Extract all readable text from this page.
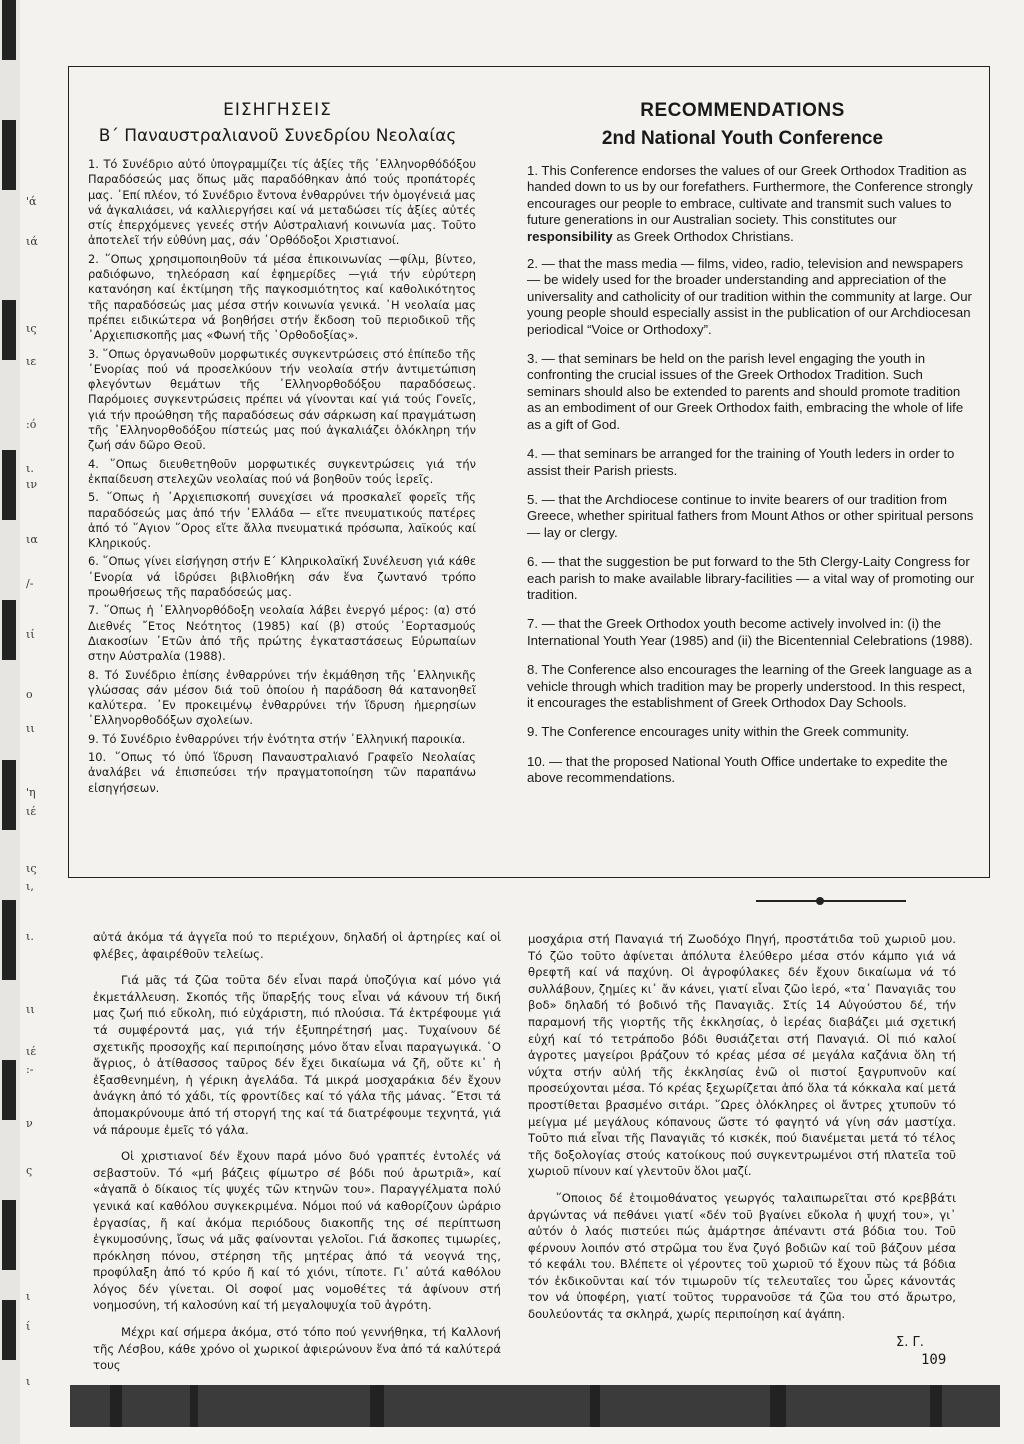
'ά
ιά
ις
ιε
:ό
ι.
ιν
ια
/-
ιί
ο
ιι
'η
ιέ
ις
ι,
ι.
ιι
ιέ
:-
ν
ς
ι
ί
ι
ΕΙΣΗΓΗΣΕΙΣ
Β΄ Παναυστραλιανοῦ Συνεδρίου Νεολαίας
RECOMMENDATIONS
2nd National Youth Conference

1. Τό Συνέδριο αὐτό ὑπογραμμίζει τίς ἀξίες τῆς ᾿Ελληνορθόδόξου Παραδόσεώς μας ὅπως μᾶς παραδόθηκαν ἀπό τούς προπάτορές μας. ᾿Επί πλέον, τό Συνέδριο ἔντονα ἐνθαρρύνει τήν ὁμογένειά μας νά ἀγκαλιάσει, νά καλλιεργήσει καί νά μεταδώσει τίς ἀξίες αὐτές στίς ἐπερχόμενες γενεές στήν Αὐστραλιανή κοινωνία μας. Τοῦτο ἀποτελεῖ τήν εὐθύνη μας, σάν ᾿Ορθόδοξοι Χριστιανοί.

2. ῞Οπως χρησιμοποιηθοῦν τά μέσα ἐπικοινωνίας —φίλμ, βίντεο, ραδιόφωνο, τηλεόραση καί ἐφημερίδες —γιά τήν εὐρύτερη κατανόηση καί ἐκτίμηση τῆς παγκοσμιότητος καί καθολικότητος τῆς παραδόσεώς μας μέσα στήν κοινωνία γενικά. ῾Η νεολαία μας πρέπει ειδικώτερα νά βοηθήσει στήν ἔκδοση τοῦ περιοδικοῦ τῆς ᾿Αρχιεπισκοπῆς μας «Φωνή τῆς ᾿Ορθοδοξίας».

3. ῞Οπως ὀργανωθοῦν μορφωτικές συγκεντρώσεις στό ἐπίπεδο τῆς ᾿Ενορίας πού νά προσελκύουν τήν νεολαία στήν ἀντιμετώπιση φλεγόντων θεμάτων τῆς ᾿Ελληνορθοδόξου παραδόσεως. Παρόμοιες συγκεντρώσεις πρέπει νά γίνονται καί γιά τούς Γονεῖς, γιά τήν προώθηση τῆς παραδόσεως σάν σάρκωση καί πραγμάτωση τῆς ᾿Ελληνορθοδόξου πίστεώς μας πού ἀγκαλιάζει ὁλόκληρη τήν ζωή σάν δῶρο Θεοῦ.

4. ῞Οπως διευθετηθοῦν μορφωτικές συγκεντρώσεις γιά τήν ἐκπαίδευση στελεχῶν νεολαίας πού νά βοηθοῦν τούς ἱερεῖς.

5. ῞Οπως ἡ ᾿Αρχιεπισκοπή συνεχίσει νά προσκαλεῖ φορεῖς τῆς παραδόσεώς μας ἀπό τήν ᾿Ελλάδα — εἴτε πνευματικούς πατέρες ἀπό τό ῞Αγιον ῞Ορος εἴτε ἄλλα πνευματικά πρόσωπα, λαϊκούς καί Κληρικούς.

6. ῞Οπως γίνει εἰσήγηση στήν Ε΄ Κληρικολαϊκή Συνέλευση γιά κάθε ᾿Ενορία νά ἱδρύσει βιβλιοθήκη σάν ἕνα ζωντανό τρόπο προωθήσεως τῆς παραδόσεώς μας.

7. ῞Οπως ἡ ᾿Ελληνορθόδοξη νεολαία λάβει ἐνεργό μέρος: (α) στό Διεθνές ῎Ετος Νεότητος (1985) καί (β) στούς ᾿Εορτασμούς Διακοσίων ᾿Ετῶν ἀπό τῆς πρώτης ἐγκαταστάσεως Εὐρωπαίων στην Αὐστραλία (1988).

8. Τό Συνέδριο ἐπίσης ἐνθαρρύνει τήν ἐκμάθηση τῆς ᾿Ελληνικῆς γλώσσας σάν μέσον διά τοῦ ὁποίου ἡ παράδοση θά κατανοηθεῖ καλύτερα. ᾿Εν προκειμένῳ ἐνθαρρύνει τήν ἵδρυση ἡμερησίων ᾿Ελληνορθοδόξων σχολείων.

9. Τό Συνέδριο ἐνθαρρύνει τήν ἑνότητα στήν ᾿Ελληνική παροικία.

10. ῞Οπως τό ὑπό ἵδρυση Παναυστραλιανό Γραφεῖο Νεολαίας ἀναλάβει νά ἐπισπεύσει τήν πραγματοποίηση τῶν παραπάνω εἰσηγήσεων.

1. This Conference endorses the values of our Greek Orthodox Tradition as handed down to us by our forefathers. Furthermore, the Conference strongly encourages our people to embrace, cultivate and transmit such values to future generations in our Australian society. This constitutes our responsibility as Greek Orthodox Christians.

2. — that the mass media — films, video, radio, television and newspapers — be widely used for the broader understanding and appreciation of the universality and catholicity of our tradition within the community at large. Our young people should especially assist in the publication of our Archdiocesan periodical “Voice or Orthodoxy”.

3. — that seminars be held on the parish level engaging the youth in confronting the crucial issues of the Greek Orthodox Tradition. Such seminars should also be extended to parents and should promote tradition as an embodiment of our Greek Orthodox faith, embracing the whole of life as a gift of God.

4. — that seminars be arranged for the training of Youth leders in order to assist their Parish priests.

5. — that the Archdiocese continue to invite bearers of our tradition from Greece, whether spiritual fathers from Mount Athos or other spiritual persons — lay or clergy.

6. — that the suggestion be put forward to the 5th Clergy-Laity Congress for each parish to make available library-facilities — a vital way of promoting our tradition.

7. — that the Greek Orthodox youth become actively involved in: (i) the International Youth Year (1985) and (ii) the Bicentennial Celebrations (1988).

8. The Conference also encourages the learning of the Greek language as a vehicle through which tradition may be properly understood. In this respect, it encourages the establishment of Greek Orthodox Day Schools.

9. The Conference encourages unity within the Greek community.

10. — that the proposed National Youth Office undertake to expedite the above recommendations.

αὐτά ἀκόμα τά ἀγγεῖα πού το περιέχουν, δηλαδή οἱ ἀρτηρίες καί οἱ φλέβες, ἀφαιρέθοῦν τελείως.

Γιά μᾶς τά ζῶα τοῦτα δέν εἶναι παρά ὑποζύγια καί μόνο γιά ἐκμετάλλευση. Σκοπός τῆς ὕπαρξής τους εἶναι νά κάνουν τή δική μας ζωή πιό εὔκολη, πιό εὐχάριστη, πιό πλούσια. Τά ἐκτρέφουμε γιά τά συμφέροντά μας, γιά τήν ἐξυπηρέτησή μας. Τυχαίνουν δέ σχετικῆς προσοχῆς καί περιποίησης μόνο ὅταν εἶναι παραγωγικά. ῾Ο ἄγριος, ὁ ἀτίθασσος ταῦρος δέν ἔχει δικαίωμα νά ζῆ, οὔτε κι᾿ ἡ ἐξασθενημένη, ἡ γέρικη ἀγελάδα. Τά μικρά μοσχαράκια δέν ἔχουν ἀνάγκη ἀπό τό χάδι, τίς φροντίδες καί τό γάλα τῆς μάνας. ῎Ετσι τά ἀπομακρύνουμε ἀπό τή στοργή της καί τά διατρέφουμε τεχνητά, γιά νά πάρουμε ἐμεῖς τό γάλα.

Οἱ χριστιανοί δέν ἔχουν παρά μόνο δυό γραπτές ἐντολές νά σεβαστοῦν. Τό «μή βάζεις φίμωτρο σέ βόδι πού ἁρωτριᾶ», καί «ἀγαπᾶ ὁ δίκαιος τίς ψυχές τῶν κτηνῶν του». Παραγγέλματα πολύ γενικά καί καθόλου συγκεκριμένα. Νόμοι πού νά καθορίζουν ὡράριο ἐργασίας, ἤ καί ἀκόμα περιόδους διακοπῆς της σέ περίπτωση ἐγκυμοσύνης, ἴσως νά μᾶς φαίνονται γελοῖοι. Γιά ἄσκοπες τιμωρίες, πρόκληση πόνου, στέρηση τῆς μητέρας ἀπό τά νεογνά της, προφύλαξη ἀπό τό κρύο ἤ καί τό χιόνι, τίποτε. Γι᾿ αὐτά καθόλου λόγος δέν γίνεται. Οἱ σοφοί μας νομοθέτες τά ἀφίνουν στή νοημοσύνη, τή καλοσύνη καί τή μεγαλοψυχία τοῦ ἀγρότη.

Μέχρι καί σήμερα ἀκόμα, στό τόπο πού γεννήθηκα, τή Καλλονή τῆς Λέσβου, κάθε χρόνο οἱ χωρικοί ἀφιερώνουν ἕνα ἀπό τά καλύτερά τους

μοσχάρια στή Παναγιά τή Ζωοδόχο Πηγή, προστάτιδα τοῦ χωριοῦ μου. Τό ζῶο τοῦτο ἀφίνεται ἀπόλυτα ἐλεύθερο μέσα στόν κάμπο γιά νά θρεφτῆ καί νά παχύνη. Οἱ ἀγροφύλακες δέν ἔχουν δικαίωμα νά τό συλλάβουν, ζημίες κι᾿ ἄν κάνει, γιατί εἶναι ζῶο ἱερό, «τα᾿ Παναγιᾶς του βοδ» δηλαδή τό βοδινό τῆς Παναγιᾶς. Στίς 14 Αὐγούστου δέ, τήν παραμονή τῆς γιορτῆς τῆς ἐκκλησίας, ὁ ἱερέας διαβάζει μιά σχετική εὐχή καί τό τετράποδο βόδι θυσιάζεται στή Παναγιά. Οἱ πιό καλοί ἀγροτες μαγείροι βράζουν τό κρέας μέσα σέ μεγάλα καζάνια ὅλη τή νύχτα στήν αὐλή τῆς ἐκκλησίας ἐνῶ οἱ πιστοί ξαγρυπνοῦν καί προσεύχονται μέσα. Τό κρέας ξεχωρίζεται ἀπό ὅλα τά κόκκαλα καί μετά προστίθεται βρασμένο σιτάρι. ῞Ωρες ὁλόκληρες οἱ ἄντρες χτυποῦν τό μείγμα μέ μεγάλους κόπανους ὥστε τό φαγητό νά γίνη σάν μαστίχα. Τοῦτο πιά εἶναι τῆς Παναγιᾶς τό κισκέκ, πού διανέμεται μετά τό τέλος τῆς δοξολογίας στούς κατοίκους πού συγκεντρωμένοι στή πλατεῖα τοῦ χωριοῦ πίνουν καί γλεντοῦν ὅλοι μαζί.

῞Οποιος δέ ἑτοιμοθάνατος γεωργός ταλαιπωρεῖται στό κρεββάτι ἀργώντας νά πεθάνει γιατί «δέν τοῦ βγαίνει εὔκολα ἡ ψυχή του», γι᾿ αὐτόν ὁ λαός πιστεύει πώς ἁμάρτησε ἀπέναντι στά βόδια του. Τοῦ φέρνουν λοιπόν στό στρῶμα του ἕνα ζυγό βοδιῶν καί τοῦ βάζουν μέσα τό κεφάλι του. Βλέπετε οἱ γέροντες τοῦ χωριοῦ τό ἔχουν πὼς τά βόδια τόν ἐκδικοῦνται καί τόν τιμωροῦν τίς τελευταῖες του ὧρες κάνοντάς τον νά ὑποφέρη, γιατί τοῦτος τυρρανοῦσε τά ζῶα του στό ἄρωτρο, δουλεύοντάς τα σκληρά, χωρίς περιποίηση καί ἀγάπη.

Σ. Γ.
109
